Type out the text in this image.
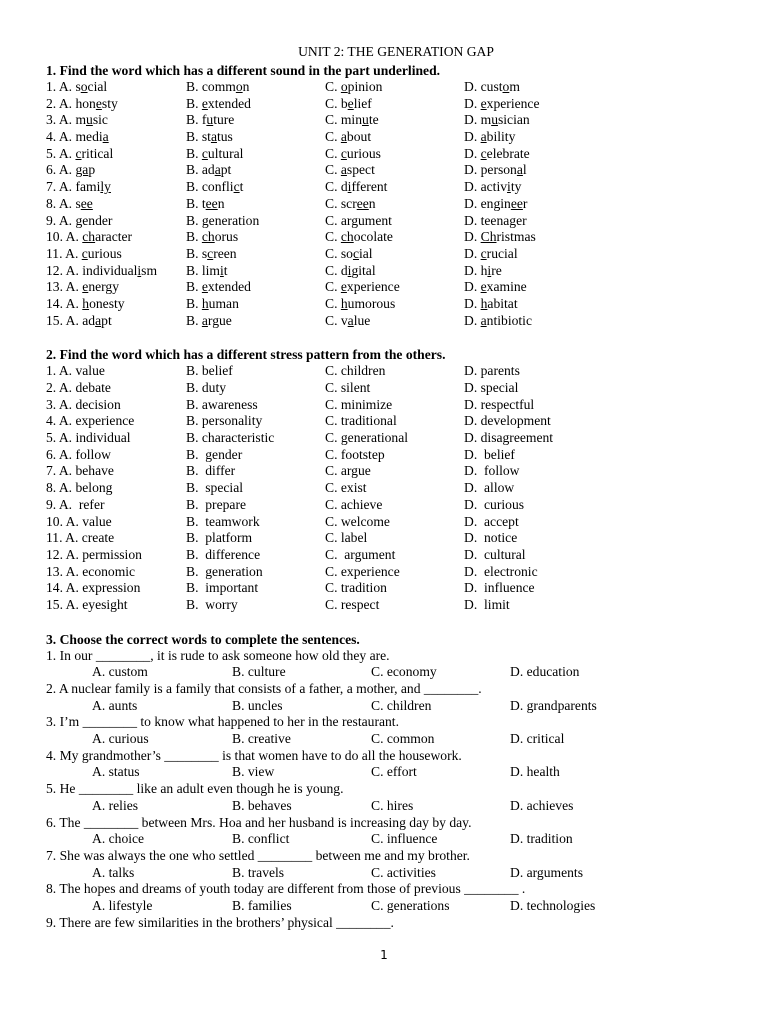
UNIT 2: THE GENERATION GAP
1. Find the word which has a different sound in the part underlined.
1. A. social	B. common	C. opinion	D. custom
2. A. honesty	B. extended	C. belief	D. experience
3. A. music	B. future	C. minute	D. musician
4. A. media	B. status	C. about	D. ability
5. A. critical	B. cultural	C. curious	D. celebrate
6. A. gap	B. adapt	C. aspect	D. personal
7. A. family	B. conflict	C. different	D. activity
8. A. see	B. teen	C. screen	D. engineer
9. A. gender	B. generation	C. argument	D. teenager
10. A. character	B. chorus	C. chocolate	D. Christmas
11. A. curious	B. screen	C. social	D. crucial
12. A. individualism B. limit	C. digital	D. hire
13. A. energy	B. extended	C. experience	D. examine
14. A. honesty	B. human	C. humorous	D. habitat
15. A. adapt	B. argue	C. value	D. antibiotic
2. Find the word which has a different stress pattern from the others.
1. A. value	B. belief	C. children	D. parents
2. A. debate	B. duty	C. silent	D. special
3. A. decision	B. awareness	C. minimize	D. respectful
4. A. experience	B. personality	C. traditional	D. development
5. A. individual	B. characteristic	C. generational	D. disagreement
6. A. follow	B.  gender	C. footstep	D.  belief
7. A. behave	B.  differ	C. argue	D.  follow
8. A. belong	B.  special	C. exist	D.  allow
9. A.  refer	B.  prepare	C. achieve	D.  curious
10. A. value	B.  teamwork	C. welcome	D.  accept
11. A. create	B.  platform	C. label	D.  notice
12. A. permission	B.  difference	C.  argument	D.  cultural
13. A. economic	B.  generation	C. experience	D.  electronic
14. A. expression	B.  important	C. tradition	D.  influence
15. A. eyesight	B.  worry	C. respect	D.  limit
3. Choose the correct words to complete the sentences.
1. In our ________, it is rude to ask someone how old they are.
A. custom	B. culture	C. economy	D. education
2. A nuclear family is a family that consists of a father, a mother, and ________.
A. aunts	B. uncles	C. children	D. grandparents
3. I’m ________ to know what happened to her in the restaurant.
A. curious	B. creative	C. common	D. critical
4. My grandmother’s ________ is that women have to do all the housework.
A. status	B. view	C. effort	D. health
5. He ________ like an adult even though he is young.
A. relies	B. behaves	C. hires	D. achieves
6. The ________ between Mrs. Hoa and her husband is increasing day by day.
A. choice	B. conflict	C. influence	D. tradition
7. She was always the one who settled ________ between me and my brother.
A. talks	B. travels	C. activities	D. arguments
8. The hopes and dreams of youth today are different from those of previous ________ .
A. lifestyle	B. families	C. generations	D. technologies
9. There are few similarities in the brothers’ physical ________.
1
